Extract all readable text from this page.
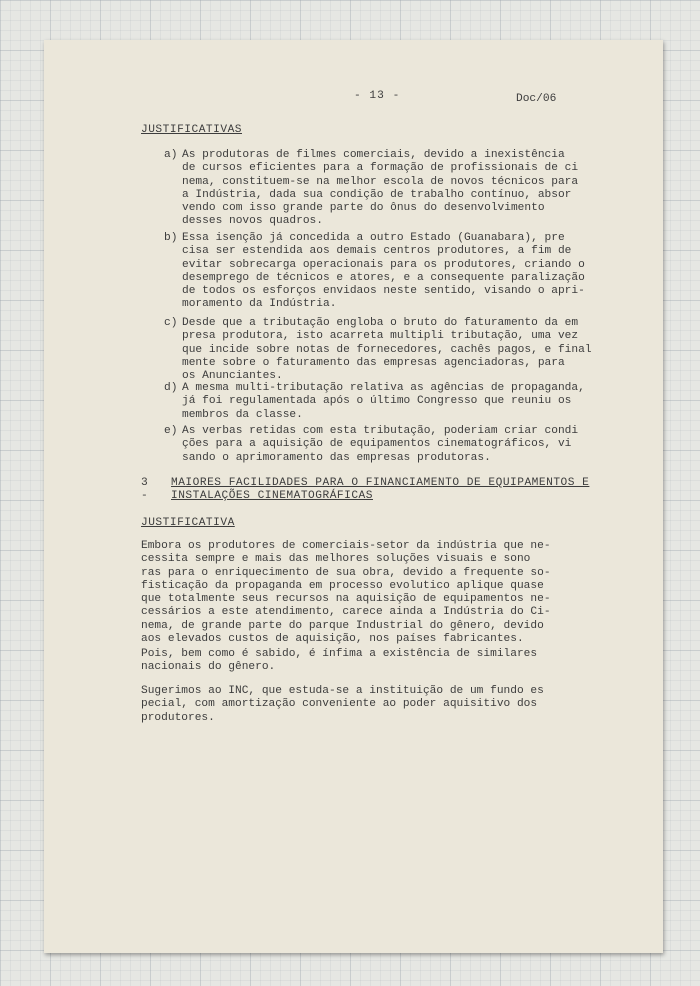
- 13 -	Doc/06
JUSTIFICATIVAS
a) As produtoras de filmes comerciais, devido a inexistência
de cursos eficientes para a formação de profissionais de ci
nema, constituem-se na melhor escola de novos técnicos para
a Indústria, dada sua condição de trabalho contínuo, absor
vendo com isso grande parte do ônus do desenvolvimento
desses novos quadros.
b) Essa isenção já concedida a outro Estado (Guanabara), pre
cisa ser estendida aos demais centros produtores, a fim de
evitar sobrecarga operacionais para os produtores, criando o
desemprego de técnicos e atores, e a consequente paralização
de todos os esforços envidaos neste sentido, visando o apri-
moramento da Indústria.
c) Desde que a tributação engloba o bruto do faturamento da em
presa produtora, isto acarreta multipli tributação, uma vez
que incide sobre notas de fornecedores, cachês pagos, e final
mente sobre o faturamento das empresas agenciadoras, para
os Anunciantes.
d) A mesma multi-tributação relativa as agências de propaganda,
já foi regulamentada após o último Congresso que reuniu os
membros da classe.
e) As verbas retidas com esta tributação, poderiam criar condi
ções para a aquisição de equipamentos cinematográficos, vi
sando o aprimoramento das empresas produtoras.
3 -
MAIORES FACILIDADES PARA O FINANCIAMENTO DE EQUIPAMENTOS E
INSTALAÇÕES CINEMATOGRÁFICAS
JUSTIFICATIVA
Embora os produtores de comerciais-setor da indústria que ne-
cessita sempre e mais das melhores soluções visuais e sono
ras para o enriquecimento de sua obra, devido a frequente so-
fisticação da propaganda em processo evolutico aplique quase
que totalmente seus recursos na aquisição de equipamentos ne-
cessários a este atendimento, carece ainda a Indústria do Ci-
nema, de grande parte do parque Industrial do gênero, devido
aos elevados custos de aquisição, nos países fabricantes.
Pois, bem como é sabido, é ínfima a existência de similares
nacionais do gênero.
Sugerimos ao INC, que estuda-se a instituição de um fundo es
pecial, com amortização conveniente ao poder aquisitivo dos
produtores.
